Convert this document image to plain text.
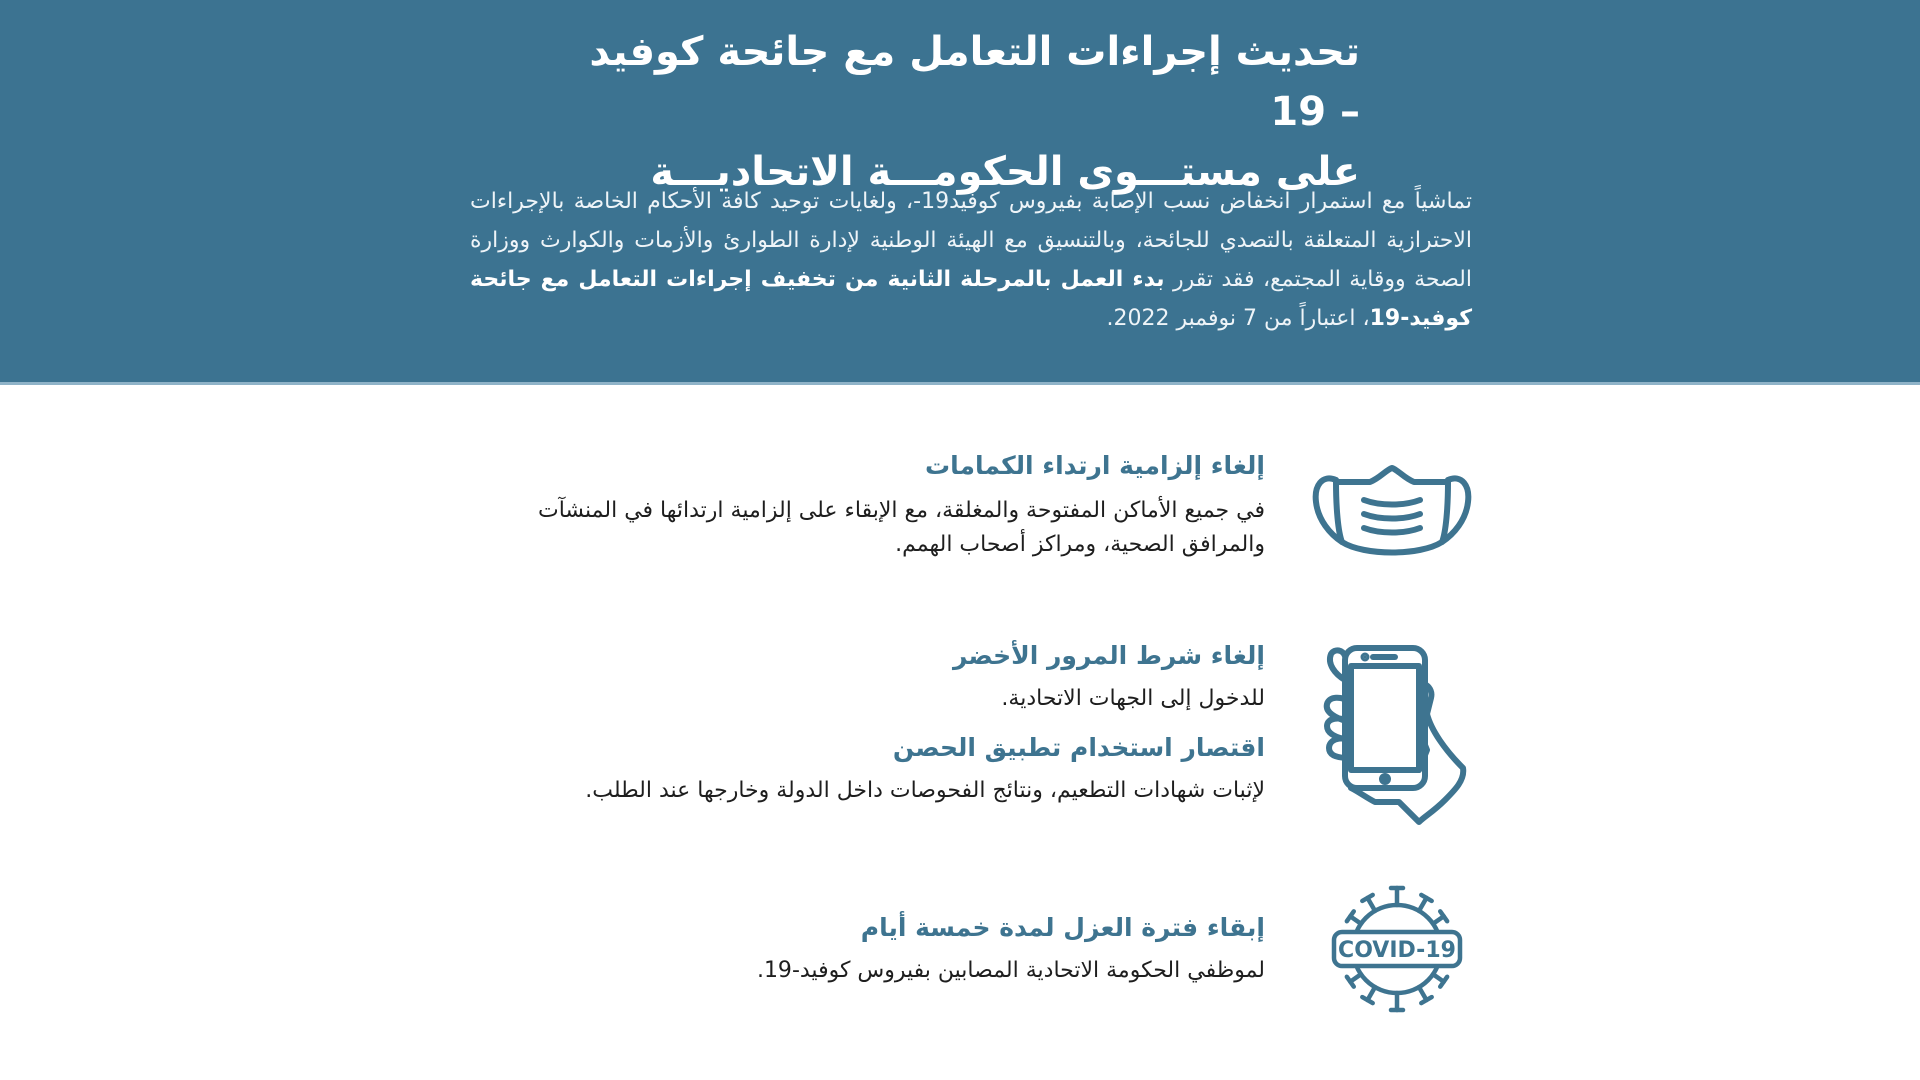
تحديث إجراءات التعامل مع جائحة كوفيد – 19
على مستـــوى الحكومـــة الاتحاديـــة

تماشياً مع استمرار انخفاض نسب الإصابة بفيروس كوفيد19-، ولغايات توحيد كافة الأحكام الخاصة بالإجراءات الاحترازية المتعلقة بالتصدي للجائحة، وبالتنسيق مع الهيئة الوطنية لإدارة الطوارئ والأزمات والكوارث ووزارة الصحة ووقاية المجتمع، فقد تقرر بدء العمل بالمرحلة الثانية من تخفيف إجراءات التعامل مع جائحة كوفيد-19، اعتباراً من 7 نوفمبر 2022.

إلغاء إلزامية ارتداء الكمامات
في جميع الأماكن المفتوحة والمغلقة، مع الإبقاء على إلزامية ارتدائها في المنشآت والمرافق الصحية، ومراكز أصحاب الهمم.
إلغاء شرط المرور الأخضر
للدخول إلى الجهات الاتحادية.
اقتصار استخدام تطبيق الحصن
لإثبات شهادات التطعيم، ونتائج الفحوصات داخل الدولة وخارجها عند الطلب.
COVID-19
إبقاء فترة العزل لمدة خمسة أيام
لموظفي الحكومة الاتحادية المصابين بفيروس كوفيد-19.
